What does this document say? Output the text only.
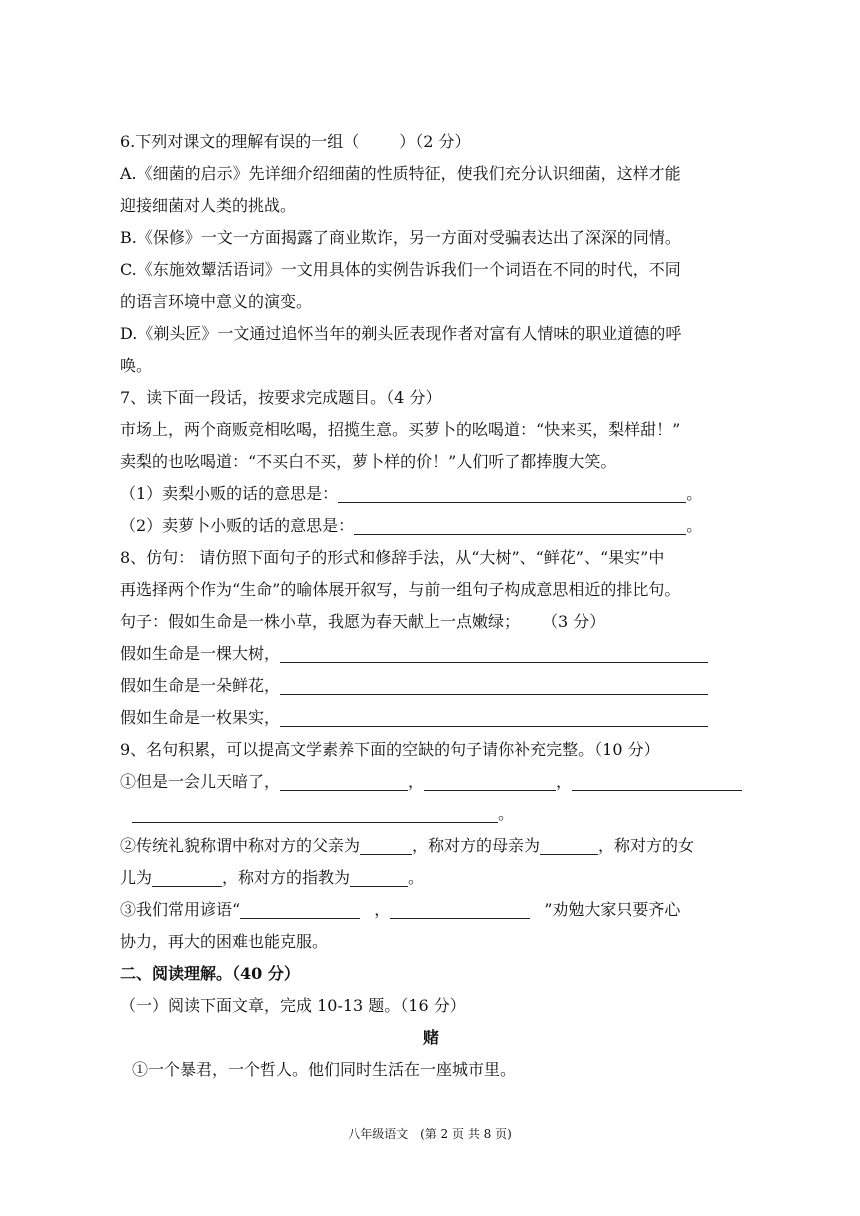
6.下列对课文的理解有误的一组（	）（2 分）
A.《细菌的启示》先详细介绍细菌的性质特征，使我们充分认识细菌，这样才能
迎接细菌对人类的挑战。
B.《保修》一文一方面揭露了商业欺诈，另一方面对受骗表达出了深深的同情。
C.《东施效颦活语词》一文用具体的实例告诉我们一个词语在不同的时代，不同
的语言环境中意义的演变。
D.《剃头匠》一文通过追怀当年的剃头匠表现作者对富有人情味的职业道德的呼
唤。
7、读下面一段话，按要求完成题目。（4 分）
市场上，两个商贩竞相吆喝，招揽生意。买萝卜的吆喝道：“快来买，梨样甜！”
卖梨的也吆喝道：“不买白不买，萝卜样的价！”人们听了都捧腹大笑。
（1）卖梨小贩的话的意思是：	。
（2）卖萝卜小贩的话的意思是：	。
8、仿句： 请仿照下面句子的形式和修辞手法，从“大树”、“鲜花”、“果实”中
再选择两个作为“生命”的喻体展开叙写，与前一组句子构成意思相近的排比句。
句子：假如生命是一株小草，我愿为春天献上一点嫩绿； （3 分）
假如生命是一棵大树，
假如生命是一朵鲜花，
假如生命是一枚果实，
9、名句积累，可以提高文学素养下面的空缺的句子请你补充完整。（10 分）
①但是一会儿天暗了，	，	，
。
②传统礼貌称谓中称对方的父亲为	，称对方的母亲为	，称对方的女
儿为	，称对方的指教为	。
③我们常用谚语“	，	”劝勉大家只要齐心
协力，再大的困难也能克服。
二、阅读理解。（40 分）
（一）阅读下面文章，完成 10-13 题。（16 分）
赌
①一个暴君，一个哲人。他们同时生活在一座城市里。
八年级语文 (第 2 页 共 8 页)
